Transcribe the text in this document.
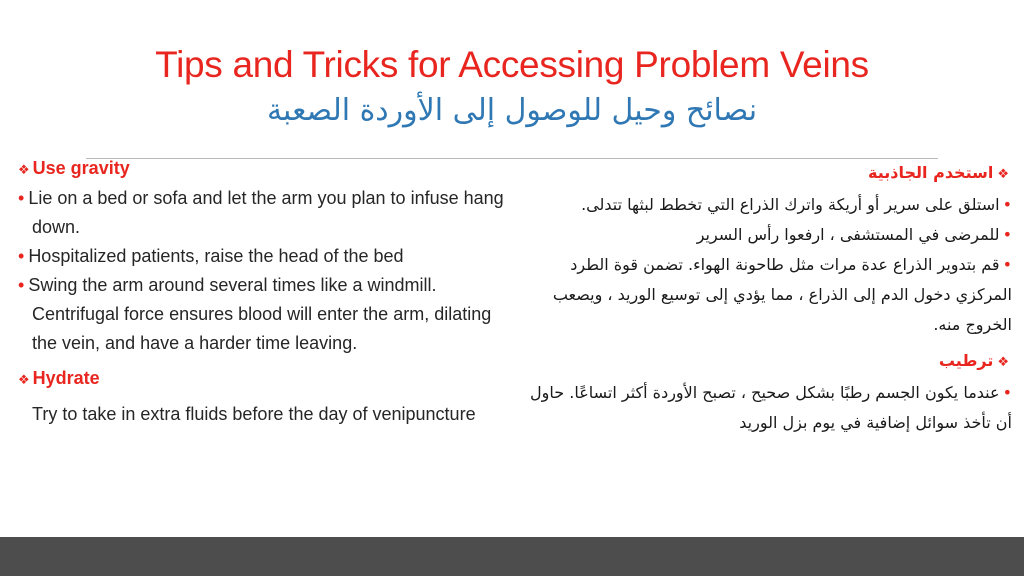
Tips and Tricks for Accessing Problem Veins
نصائح وحيل للوصول إلى الأوردة الصعبة
❖ Use gravity
• Lie on a bed or sofa and let the arm you plan to infuse hang down.
• Hospitalized patients, raise the head of the bed
• Swing the arm around several times like a windmill. Centrifugal force ensures blood will enter the arm, dilating the vein, and have a harder time leaving.
❖ Hydrate
Try to take in extra fluids before the day of venipuncture
❖استخدم الجاذبية
•استلق على سرير أو أريكة واترك الذراع التي تخطط لبثها تتدلى.
•للمرضى في المستشفى ، ارفعوا رأس السرير
•قم بتدوير الذراع عدة مرات مثل طاحونة الهواء. تضمن قوة الطرد المركزي دخول الدم إلى الذراع ، مما يؤدي إلى توسيع الوريد ، ويصعب الخروج منه.
❖ترطيب
•عندما يكون الجسم رطبًا بشكل صحيح ، تصبح الأوردة أكثر اتساعًا. حاول أن تأخذ سوائل إضافية في يوم بزل الوريد
